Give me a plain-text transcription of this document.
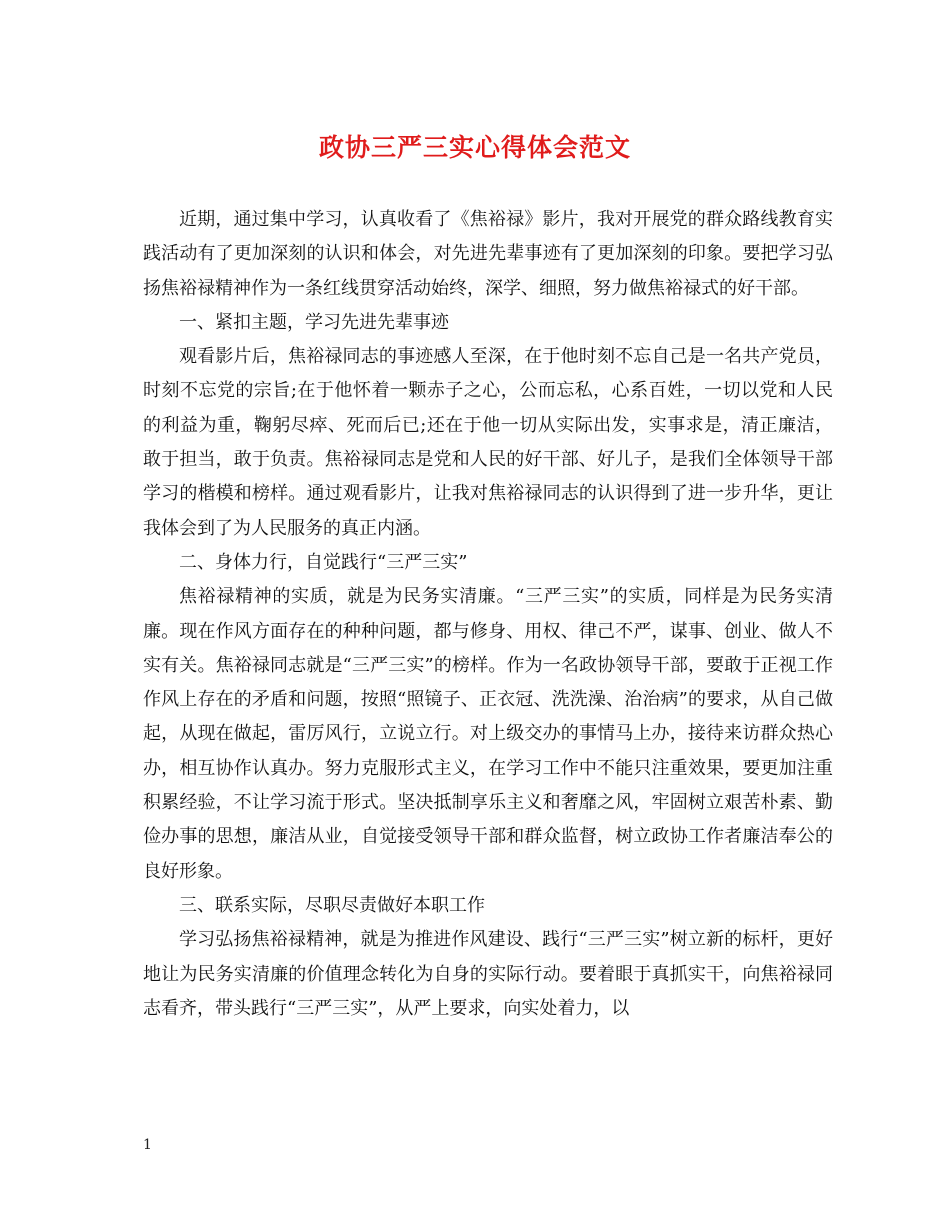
政协三严三实心得体会范文

近期，通过集中学习，认真收看了《焦裕禄》影片，我对开展党的群众路线教育实践活动有了更加深刻的认识和体会，对先进先辈事迹有了更加深刻的印象。要把学习弘扬焦裕禄精神作为一条红线贯穿活动始终，深学、细照，努力做焦裕禄式的好干部。

一、紧扣主题，学习先进先辈事迹

观看影片后，焦裕禄同志的事迹感人至深，在于他时刻不忘自己是一名共产党员，时刻不忘党的宗旨;在于他怀着一颗赤子之心，公而忘私，心系百姓，一切以党和人民的利益为重，鞠躬尽瘁、死而后已;还在于他一切从实际出发，实事求是，清正廉洁，敢于担当，敢于负责。焦裕禄同志是党和人民的好干部、好儿子，是我们全体领导干部学习的楷模和榜样。通过观看影片，让我对焦裕禄同志的认识得到了进一步升华，更让我体会到了为人民服务的真正内涵。

二、身体力行，自觉践行“三严三实”

焦裕禄精神的实质，就是为民务实清廉。“三严三实”的实质，同样是为民务实清廉。现在作风方面存在的种种问题，都与修身、用权、律己不严，谋事、创业、做人不实有关。焦裕禄同志就是“三严三实”的榜样。作为一名政协领导干部，要敢于正视工作作风上存在的矛盾和问题，按照“照镜子、正衣冠、洗洗澡、治治病”的要求，从自己做起，从现在做起，雷厉风行，立说立行。对上级交办的事情马上办，接待来访群众热心办，相互协作认真办。努力克服形式主义，在学习工作中不能只注重效果，要更加注重积累经验，不让学习流于形式。坚决抵制享乐主义和奢靡之风，牢固树立艰苦朴素、勤俭办事的思想，廉洁从业，自觉接受领导干部和群众监督，树立政协工作者廉洁奉公的良好形象。

三、联系实际，尽职尽责做好本职工作

学习弘扬焦裕禄精神，就是为推进作风建设、践行“三严三实”树立新的标杆，更好地让为民务实清廉的价值理念转化为自身的实际行动。要着眼于真抓实干，向焦裕禄同志看齐，带头践行“三严三实”，从严上要求，向实处着力，以

1
